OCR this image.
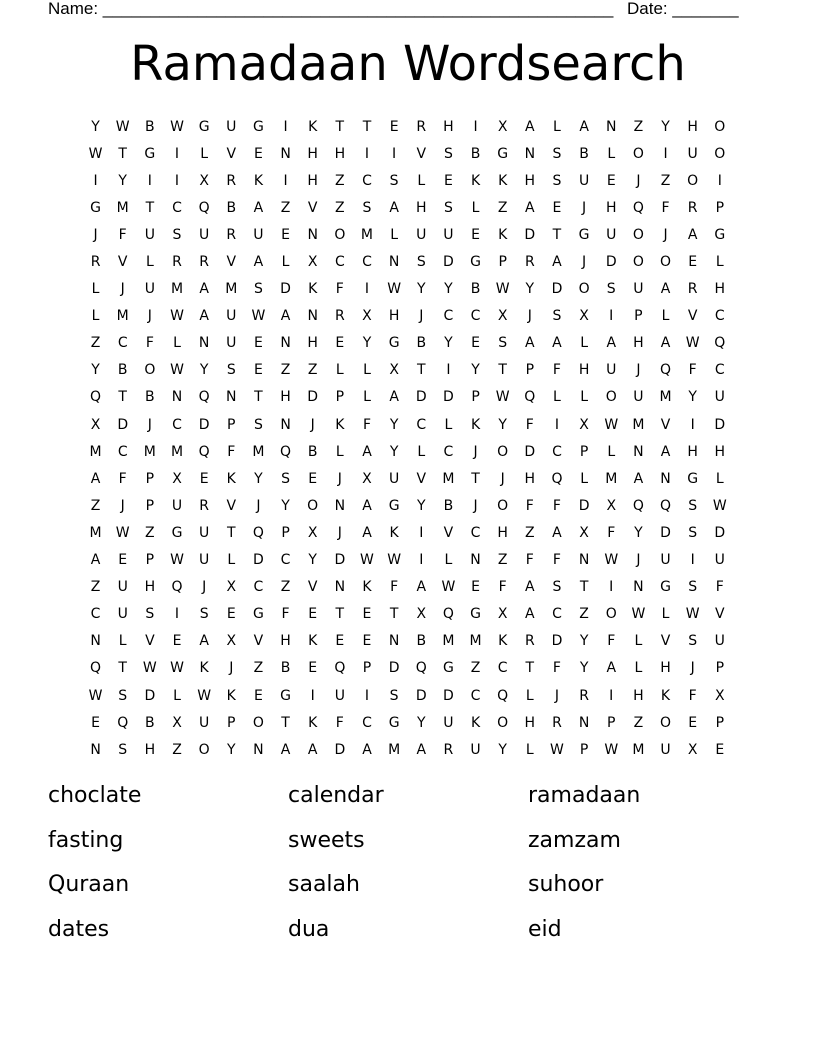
Name: ______________________________________________________ Date: _______
Ramadaan Wordsearch
Y	W	B	W	G	U	G	I	K	T	T	E	R	H	I	X	A	L	A	N	Z	Y	H	O
W	T	G	I	L	V	E	N	H	H	I	I	V	S	B	G	N	S	B	L	O	I	U	O
I	Y	I	I	X	R	K	I	H	Z	C	S	L	E	K	K	H	S	U	E	J	Z	O	I
G	M	T	C	Q	B	A	Z	V	Z	S	A	H	S	L	Z	A	E	J	H	Q	F	R	P
J	F	U	S	U	R	U	E	N	O	M	L	U	U	E	K	D	T	G	U	O	J	A	G
R	V	L	R	R	V	A	L	X	C	C	N	S	D	G	P	R	A	J	D	O	O	E	L
L	J	U	M	A	M	S	D	K	F	I	W	Y	Y	B	W	Y	D	O	S	U	A	R	H
L	M	J	W	A	U	W	A	N	R	X	H	J	C	C	X	J	S	X	I	P	L	V	C
Z	C	F	L	N	U	E	N	H	E	Y	G	B	Y	E	S	A	A	L	A	H	A	W	Q
Y	B	O	W	Y	S	E	Z	Z	L	L	X	T	I	Y	T	P	F	H	U	J	Q	F	C
Q	T	B	N	Q	N	T	H	D	P	L	A	D	D	P	W	Q	L	L	O	U	M	Y	U
X	D	J	C	D	P	S	N	J	K	F	Y	C	L	K	Y	F	I	X	W	M	V	I	D
M	C	M	M	Q	F	M	Q	B	L	A	Y	L	C	J	O	D	C	P	L	N	A	H	H
A	F	P	X	E	K	Y	S	E	J	X	U	V	M	T	J	H	Q	L	M	A	N	G	L
Z	J	P	U	R	V	J	Y	O	N	A	G	Y	B	J	O	F	F	D	X	Q	Q	S	W
M	W	Z	G	U	T	Q	P	X	J	A	K	I	V	C	H	Z	A	X	F	Y	D	S	D
A	E	P	W	U	L	D	C	Y	D	W W	I	L	N	Z	F	F	N	W	J	U	I	U
Z	U	H	Q	J	X	C	Z	V	N	K	F	A	W	E	F	A	S	T	I	N	G	S	F
C	U	S	I	S	E	G	F	E	T	E	T	X	Q	G	X	A	C	Z	O	W	L	W	V
N	L	V	E	A	X	V	H	K	E	E	N	B	M	M	K	R	D	Y	F	L	V	S	U
Q	T	W W	K	J	Z	B	E	Q	P	D	Q	G	Z	C	T	F	Y	A	L	H	J	P
W	S	D	L	W	K	E	G	I	U	I	S	D	D	C	Q	L	J	R	I	H	K	F	X
E	Q	B	X	U	P	O	T	K	F	C	G	Y	U	K	O	H	R	N	P	Z	O	E	P
N	S	H	Z	O	Y	N	A	A	D	A	M	A	R	U	Y	L	W	P	W	M	U	X	E
choclate	calendar	ramadaan
fasting	sweets	zamzam
Quraan	saalah	suhoor
dates	dua	eid
